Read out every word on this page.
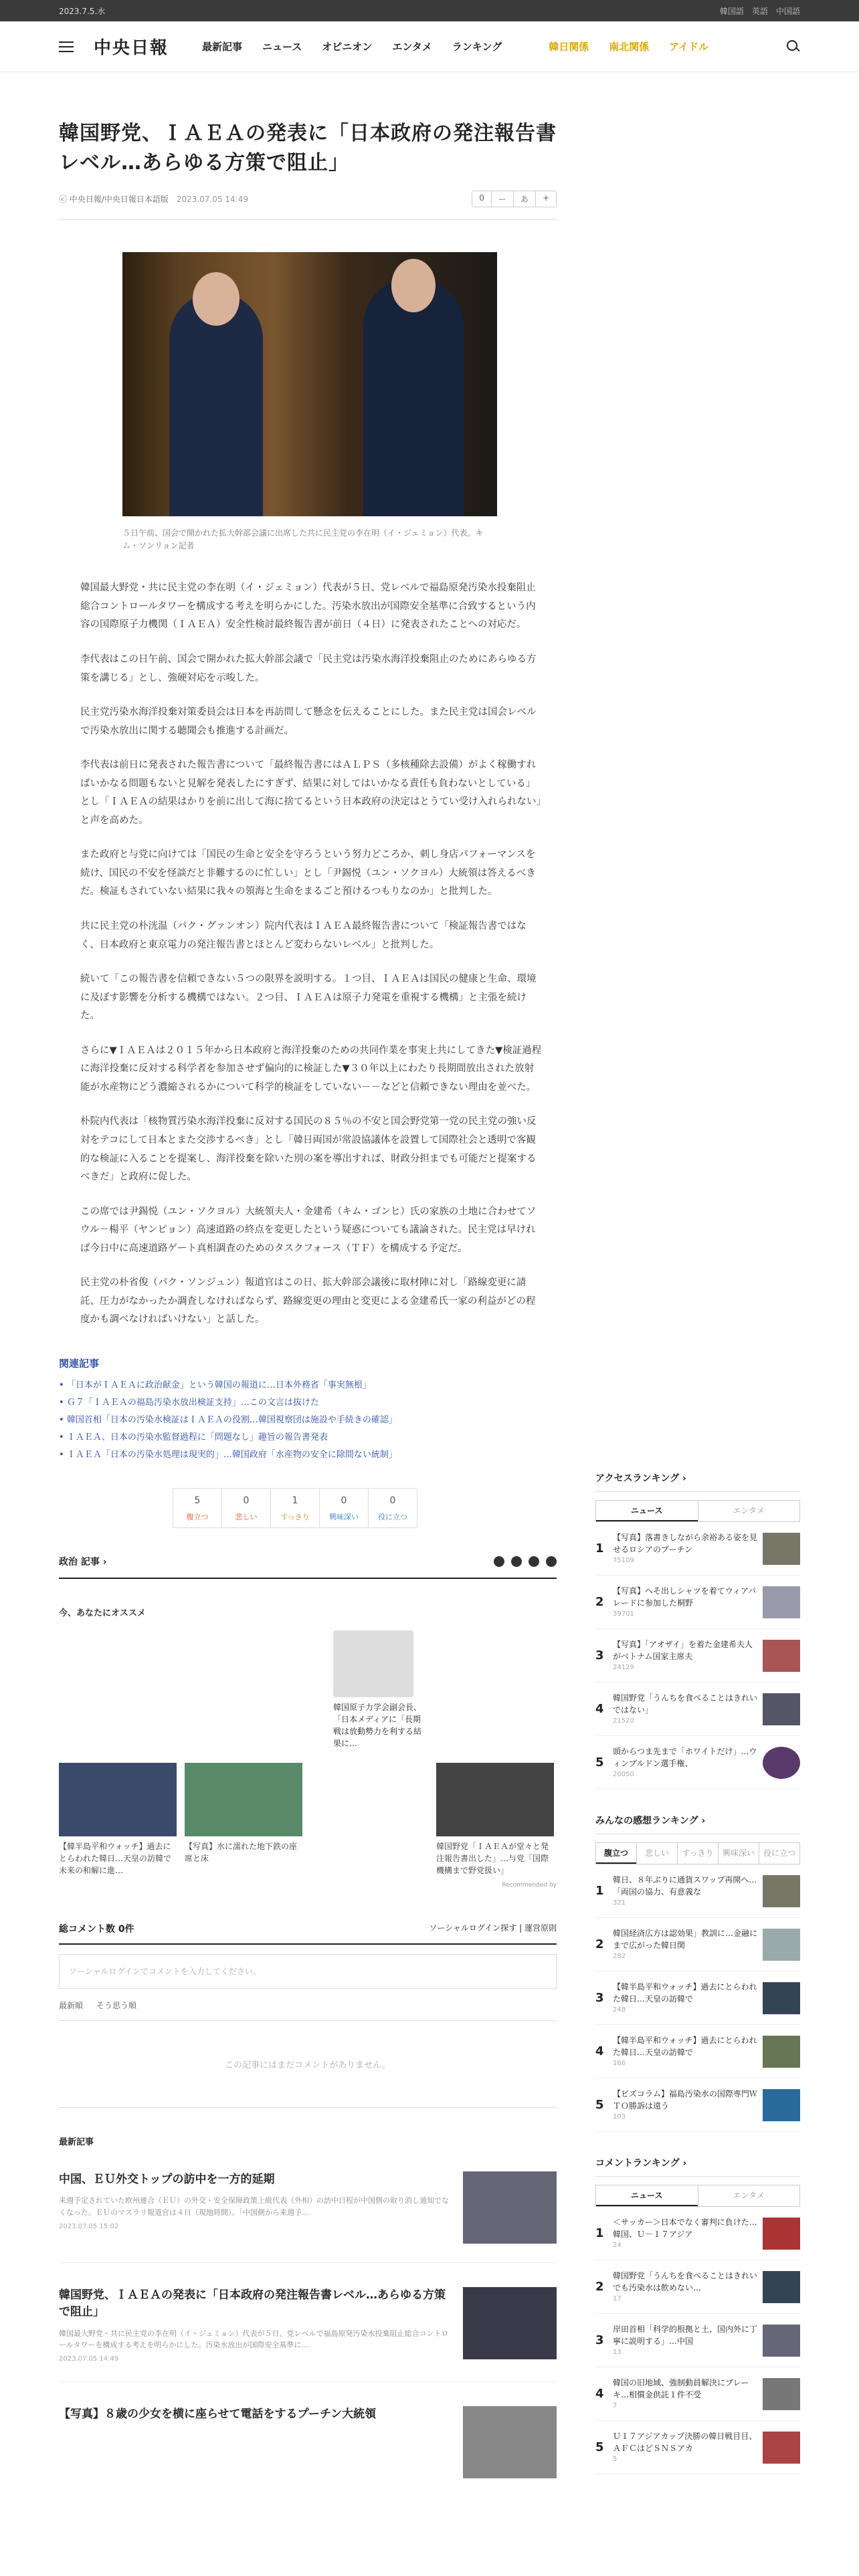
2023.7.5.水	韓国語 英語 中国語
中央日報	最新記事 ニュース オピニオン エンタメ ランキング	韓日関係 南北関係 アイドル
韓国野党、ＩＡＥＡの発表に「日本政府の発注報告書レベル…あらゆる方策で阻止」
ⓒ 中央日報/中央日報日本語版 2023.07.05 14:49	0	ー	あ	+
５日午前、国会で開かれた拡大幹部会議に出席した共に民主党の李在明（イ・ジェミョン）代表。キム・ソンリョン記者

韓国最大野党・共に民主党の李在明（イ・ジェミョン）代表が５日、党レベルで福島原発汚染水投棄阻止総合コントロールタワーを構成する考えを明らかにした。汚染水放出が国際安全基準に合致するという内容の国際原子力機関（ＩＡＥＡ）安全性検討最終報告書が前日（４日）に発表されたことへの対応だ。

李代表はこの日午前、国会で開かれた拡大幹部会議で「民主党は汚染水海洋投棄阻止のためにあらゆる方策を講じる」とし、強硬対応を示唆した。

民主党汚染水海洋投棄対策委員会は日本を再訪問して懸念を伝えることにした。また民主党は国会レベルで汚染水放出に関する聴聞会も推進する計画だ。

李代表は前日に発表された報告書について「最終報告書にはＡＬＰＳ（多核種除去設備）がよく稼働すればいかなる問題もないと見解を発表したにすぎず、結果に対してはいかなる責任も負わないとしている」とし「ＩＡＥＡの結果はかりを前に出して海に捨てるという日本政府の決定はとうてい受け入れられない」と声を高めた。

また政府と与党に向けては「国民の生命と安全を守ろうという努力どころか、刺し身店パフォーマンスを続け、国民の不安を怪談だと非難するのに忙しい」とし「尹錫悦（ユン・ソクヨル）大統領は答えるべきだ。検証もされていない結果に我々の領海と生命をまるごと預けるつもりなのか」と批判した。

共に民主党の朴洸温（パク・グァンオン）院内代表はＩＡＥＡ最終報告書について「検証報告書ではなく、日本政府と東京電力の発注報告書とほとんど変わらないレベル」と批判した。

続いて「この報告書を信頼できない５つの限界を説明する。１つ目、ＩＡＥＡは国民の健康と生命、環境に及ぼす影響を分析する機構ではない。２つ目、ＩＡＥＡは原子力発電を重視する機構」と主張を続けた。

さらに▼ＩＡＥＡは２０１５年から日本政府と海洋投棄のための共同作業を事実上共にしてきた▼検証過程に海洋投棄に反対する科学者を参加させず偏向的に検証した▼３０年以上にわたり長期間放出された放射能が水産物にどう濃縮されるかについて科学的検証をしていない－－などと信頼できない理由を並べた。

朴院内代表は「核物質汚染水海洋投棄に反対する国民の８５％の不安と国会野党第一党の民主党の強い反対をテコにして日本とまた交渉するべき」とし「韓日両国が常設協議体を設置して国際社会と透明で客観的な検証に入ることを提案し、海洋投棄を除いた別の案を導出すれば、財政分担までも可能だと提案するべきだ」と政府に促した。

この席では尹錫悦（ユン・ソクヨル）大統領夫人・金建希（キム・ゴンヒ）氏の家族の土地に合わせてソウル－楊平（ヤンピョン）高速道路の終点を変更したという疑惑についても議論された。民主党は早ければ今日中に高速道路ゲート真相調査のためのタスクフォース（ＴＦ）を構成する予定だ。

民主党の朴省俊（パク・ソンジュン）報道官はこの日、拡大幹部会議後に取材陣に対し「路線変更に請託、圧力がなかったか調査しなければならず、路線変更の理由と変更による金建希氏一家の利益がどの程度かも調べなければいけない」と話した。

関連記事
• 「日本がＩＡＥＡに政治献金」という韓国の報道に…日本外務省「事実無根」
• Ｇ７「ＩＡＥＡの福島汚染水放出検証支持」…この文言は抜けた
• 韓国首相「日本の汚染水検証はＩＡＥＡの役割…韓国視察団は施設や手続きの確認」
• ＩＡＥＡ、日本の汚染水監督過程に「問題なし」趣旨の報告書発表
• ＩＡＥＡ「日本の汚染水処理は現実的」…韓国政府「水産物の安全に除間ない統制」
5
腹立つ
0
悲しい
1
すっきり
0
興味深い
0
役に立つ
政治 記事 ›
今、あなたにオススメ
韓国原子力学会副会長、「日本メディアに「長期戦は放動勢力を利する結果に…
【韓半島平和ウォッチ】過去にとらわれた韓日…天皇の訪韓で未来の和解に進…
【写真】水に濡れた地下鉄の座席と床
韓国野党「ＩＡＥＡが堂々と発注報告書出した」…与党「国際機構まで野党扱い」
Recommended by
総コメント数 0件	ソーシャルログイン探す | 運営原則
ソーシャルログインでコメントを入力してください。
最新順 そう思う順
この記事にはまだコメントがありません。
最新記事
中国、ＥＵ外交トップの訪中を一方的延期

来週予定されていた欧州連合（ＥＵ）の外交・安全保障政策上級代表（外相）の訪中日程が中国側の取り消し通知でなくなった。ＥＵのマスラリ報道官は４日（現地時間）、「中国側から来週予…

2023.07.05 15:02
韓国野党、ＩＡＥＡの発表に「日本政府の発注報告書レベル…あらゆる方策で阻止」

韓国最大野党・共に民主党の李在明（イ・ジェミョン）代表が５日、党レベルで福島原発汚染水投棄阻止総合コントロールタワーを構成する考えを明らかにした。汚染水放出が国際安全基準に…

2023.07.05 14:49
【写真】８歳の少女を横に座らせて電話をするプーチン大統領
アクセスランキング ›
ニュース	エンタメ
1
【写真】落書きしながら余裕ある姿を見せるロシアのプーチン
75109
2
【写真】へそ出しシャツを着てウィアパレードに参加した桐野
39701
3
【写真】「アオザイ」を着た金建希夫人がベトナム国家主席夫
24129
4
韓国野党「うんちを食べることはきれいではない」
21520
5
頭からつま先まで「ホワイトだけ」…ウィンブルドン選手権、
20050
みんなの感想ランキング ›
腹立つ	悲しい	すっきり	興味深い	役に立つ
1
韓日、８年ぶりに通貨スワップ再開へ…「両国の協力、有意義な
321
2
韓国経済広方は認効果」教訓に…金融にまで広がった韓日関
282
3
【韓半島平和ウォッチ】過去にとらわれた韓日…天皇の訪韓で
248
4
【韓半島平和ウォッチ】過去にとらわれた韓日…天皇の訪韓で
166
5
【ビズコラム】福島汚染水の国際専門ＷＴＯ勝訴は遠う
103
コメントランキング ›
ニュース	エンタメ
1
＜サッカー＞日本でなく審判に負けた…韓国、Ｕ－１７アジア
24
2
韓国野党「うんちを食べることはきれいでも汚染水は飲めない…
17
3
岸田首相「科学的根拠と土、国内外に丁寧に説明する」…中国
13
4
韓国の旧地域、強制動員解決にブレーキ…相償金供託１件不受
7
5
Ｕ１７アジアカップ決勝の韓日戦目目、ＡＦＣはどＳＮＳアカ
5
